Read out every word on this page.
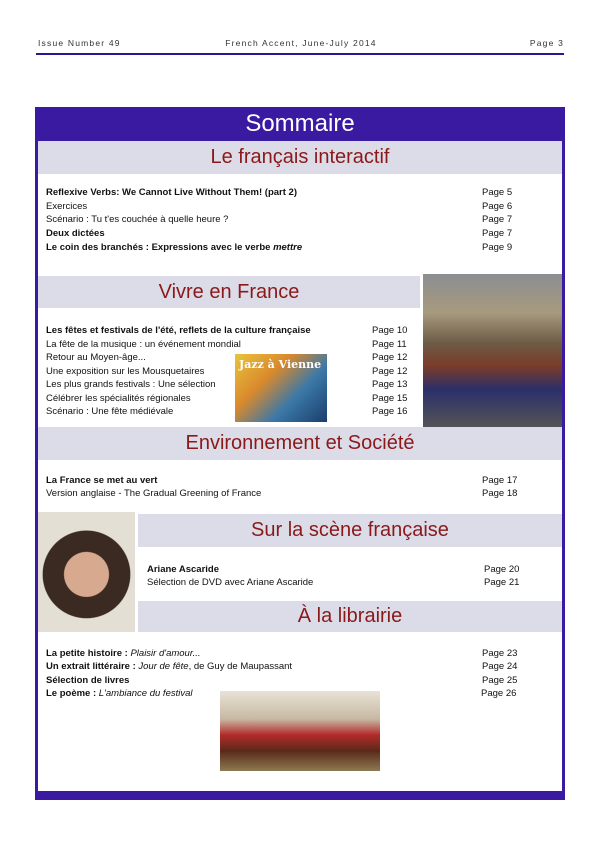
Issue Number 49	French Accent, June-July 2014	Page 3
Sommaire
Le français interactif
Reflexive Verbs: We Cannot Live Without Them! (part 2)	Page 5
Exercices	Page 6
Scénario : Tu t'es couchée à quelle heure ?	Page 7
Deux dictées	Page 7
Le coin des branchés : Expressions avec le verbe mettre	Page 9
Vivre en France
Les fêtes et festivals de l'été, reflets de la culture française	Page 10
La fête de la musique : un événement mondial	Page 11
Retour au Moyen-âge...	Page 12
Une exposition sur les Mousquetaires	Page 12
Les plus grands festivals : Une sélection	Page 13
Célébrer les spécialités régionales	Page 15
Scénario : Une fête médiévale	Page 16
Jazz à Vienne
Environnement et Société
La France se met au vert	Page 17
Version anglaise - The Gradual Greening of France	Page 18
Sur la scène française
Ariane Ascaride	Page 20
Sélection de DVD avec Ariane Ascaride	Page 21
À la librairie
La petite histoire : Plaisir d'amour...	Page 23
Un extrait littéraire : Jour de fête, de Guy de Maupassant	Page 24
Sélection de livres	Page 25
Le poème : L'ambiance du festival	Page 26
